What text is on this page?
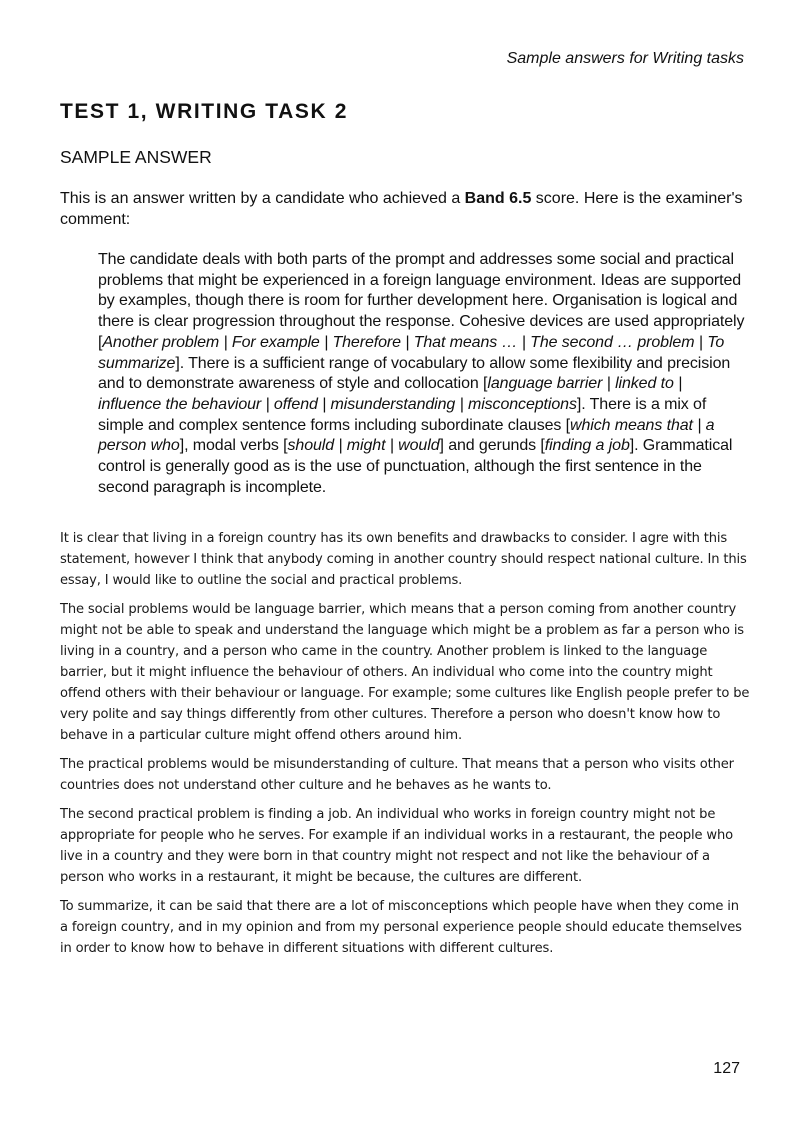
Sample answers for Writing tasks
TEST 1, WRITING TASK 2
SAMPLE ANSWER
This is an answer written by a candidate who achieved a Band 6.5 score. Here is the examiner's comment:
The candidate deals with both parts of the prompt and addresses some social and practical problems that might be experienced in a foreign language environment. Ideas are supported by examples, though there is room for further development here. Organisation is logical and there is clear progression throughout the response. Cohesive devices are used appropriately [Another problem | For example | Therefore | That means … | The second … problem | To summarize]. There is a sufficient range of vocabulary to allow some flexibility and precision and to demonstrate awareness of style and collocation [language barrier | linked to | influence the behaviour | offend | misunderstanding | misconceptions]. There is a mix of simple and complex sentence forms including subordinate clauses [which means that | a person who], modal verbs [should | might | would] and gerunds [finding a job]. Grammatical control is generally good as is the use of punctuation, although the first sentence in the second paragraph is incomplete.

It is clear that living in a foreign country has its own benefits and drawbacks to consider. I agre with this statement, however I think that anybody coming in another country should respect national culture. In this essay, I would like to outline the social and practical problems.

The social problems would be language barrier, which means that a person coming from another country might not be able to speak and understand the language which might be a problem as far a person who is living in a country, and a person who came in the country. Another problem is linked to the language barrier, but it might influence the behaviour of others. An individual who come into the country might offend others with their behaviour or language. For example; some cultures like English people prefer to be very polite and say things differently from other cultures. Therefore a person who doesn't know how to behave in a particular culture might offend others around him.

The practical problems would be misunderstanding of culture. That means that a person who visits other countries does not understand other culture and he behaves as he wants to.

The second practical problem is finding a job. An individual who works in foreign country might not be appropriate for people who he serves. For example if an individual works in a restaurant, the people who live in a country and they were born in that country might not respect and not like the behaviour of a person who works in a restaurant, it might be because, the cultures are different.

To summarize, it can be said that there are a lot of misconceptions which people have when they come in a foreign country, and in my opinion and from my personal experience people should educate themselves in order to know how to behave in different situations with different cultures.

127
